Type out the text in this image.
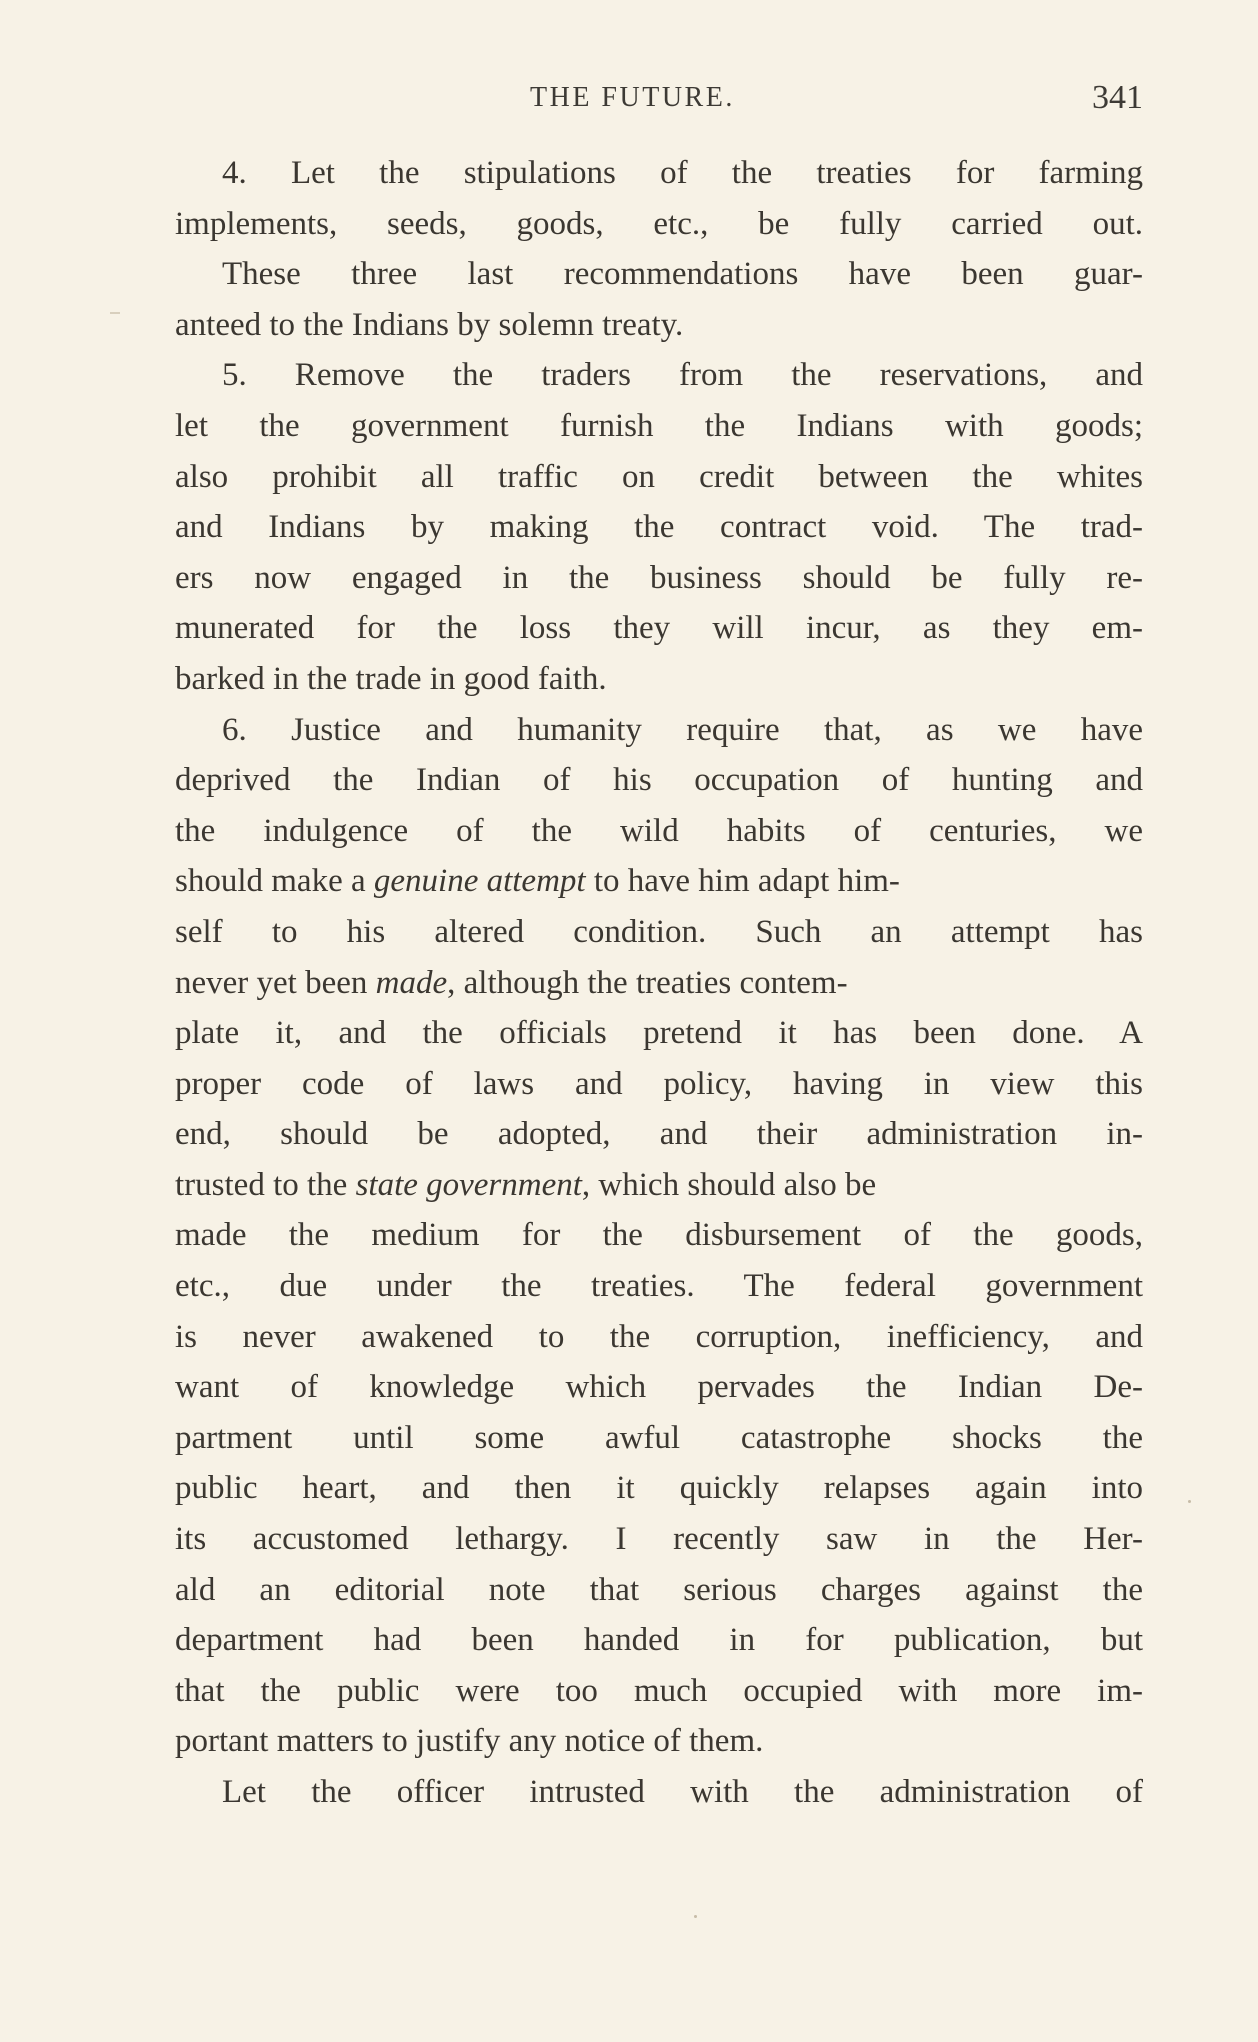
THE FUTURE.	341
4. Let the stipulations of the treaties for farming
implements, seeds, goods, etc., be fully carried out.
These three last recommendations have been guar-
anteed to the Indians by solemn treaty.
5. Remove the traders from the reservations, and
let the government furnish the Indians with goods;
also prohibit all traffic on credit between the whites
and Indians by making the contract void. The trad-
ers now engaged in the business should be fully re-
munerated for the loss they will incur, as they em-
barked in the trade in good faith.
6. Justice and humanity require that, as we have
deprived the Indian of his occupation of hunting and
the indulgence of the wild habits of centuries, we
should make a genuine attempt to have him adapt him-
self to his altered condition. Such an attempt has
never yet been made, although the treaties contem-
plate it, and the officials pretend it has been done. A
proper code of laws and policy, having in view this
end, should be adopted, and their administration in-
trusted to the state government, which should also be
made the medium for the disbursement of the goods,
etc., due under the treaties. The federal government
is never awakened to the corruption, inefficiency, and
want of knowledge which pervades the Indian De-
partment until some awful catastrophe shocks the
public heart, and then it quickly relapses again into
its accustomed lethargy. I recently saw in the Her-
ald an editorial note that serious charges against the
department had been handed in for publication, but
that the public were too much occupied with more im-
portant matters to justify any notice of them.
Let the officer intrusted with the administration of
